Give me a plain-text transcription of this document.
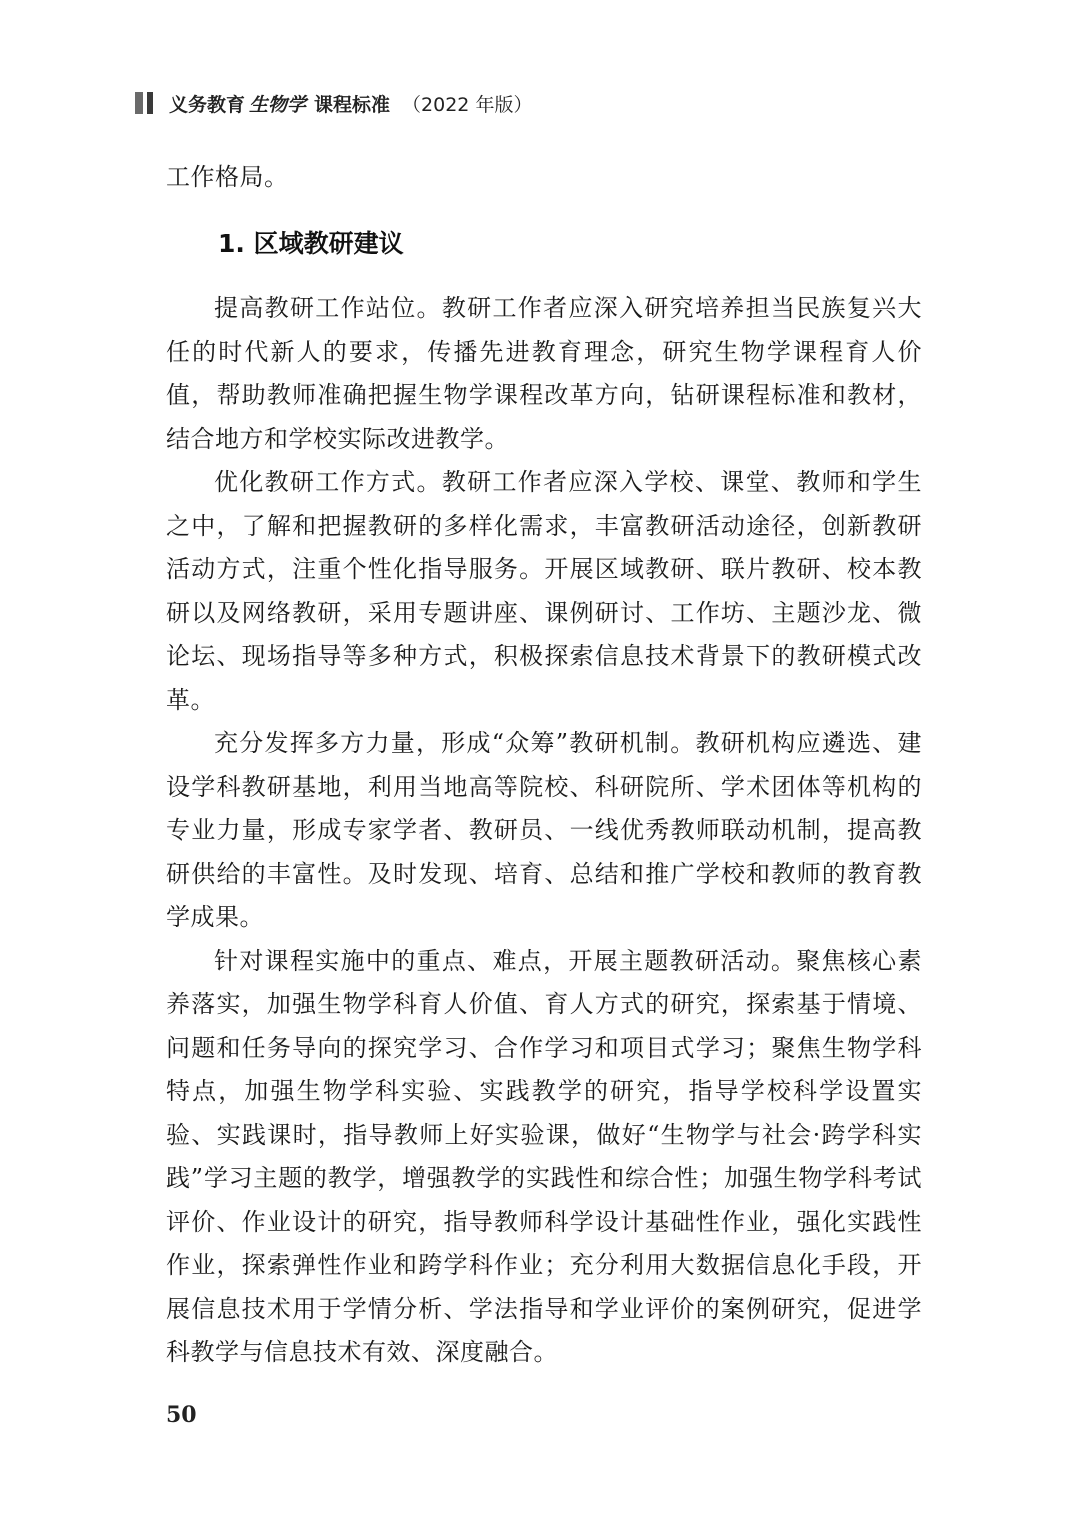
义务教育 生物学 课程标准 （2022 年版）

工作格局。

1. 区域教研建议

提高教研工作站位。教研工作者应深入研究培养担当民族复兴大任的时代新人的要求，传播先进教育理念，研究生物学课程育人价值，帮助教师准确把握生物学课程改革方向，钻研课程标准和教材，结合地方和学校实际改进教学。

优化教研工作方式。教研工作者应深入学校、课堂、教师和学生之中，了解和把握教研的多样化需求，丰富教研活动途径，创新教研活动方式，注重个性化指导服务。开展区域教研、联片教研、校本教研以及网络教研，采用专题讲座、课例研讨、工作坊、主题沙龙、微论坛、现场指导等多种方式，积极探索信息技术背景下的教研模式改革。

充分发挥多方力量，形成“众筹”教研机制。教研机构应遴选、建设学科教研基地，利用当地高等院校、科研院所、学术团体等机构的专业力量，形成专家学者、教研员、一线优秀教师联动机制，提高教研供给的丰富性。及时发现、培育、总结和推广学校和教师的教育教学成果。

针对课程实施中的重点、难点，开展主题教研活动。聚焦核心素养落实，加强生物学科育人价值、育人方式的研究，探索基于情境、问题和任务导向的探究学习、合作学习和项目式学习；聚焦生物学科特点，加强生物学科实验、实践教学的研究，指导学校科学设置实验、实践课时，指导教师上好实验课，做好“生物学与社会·跨学科实践”学习主题的教学，增强教学的实践性和综合性；加强生物学科考试评价、作业设计的研究，指导教师科学设计基础性作业，强化实践性作业，探索弹性作业和跨学科作业；充分利用大数据信息化手段，开展信息技术用于学情分析、学法指导和学业评价的案例研究，促进学科教学与信息技术有效、深度融合。

50
